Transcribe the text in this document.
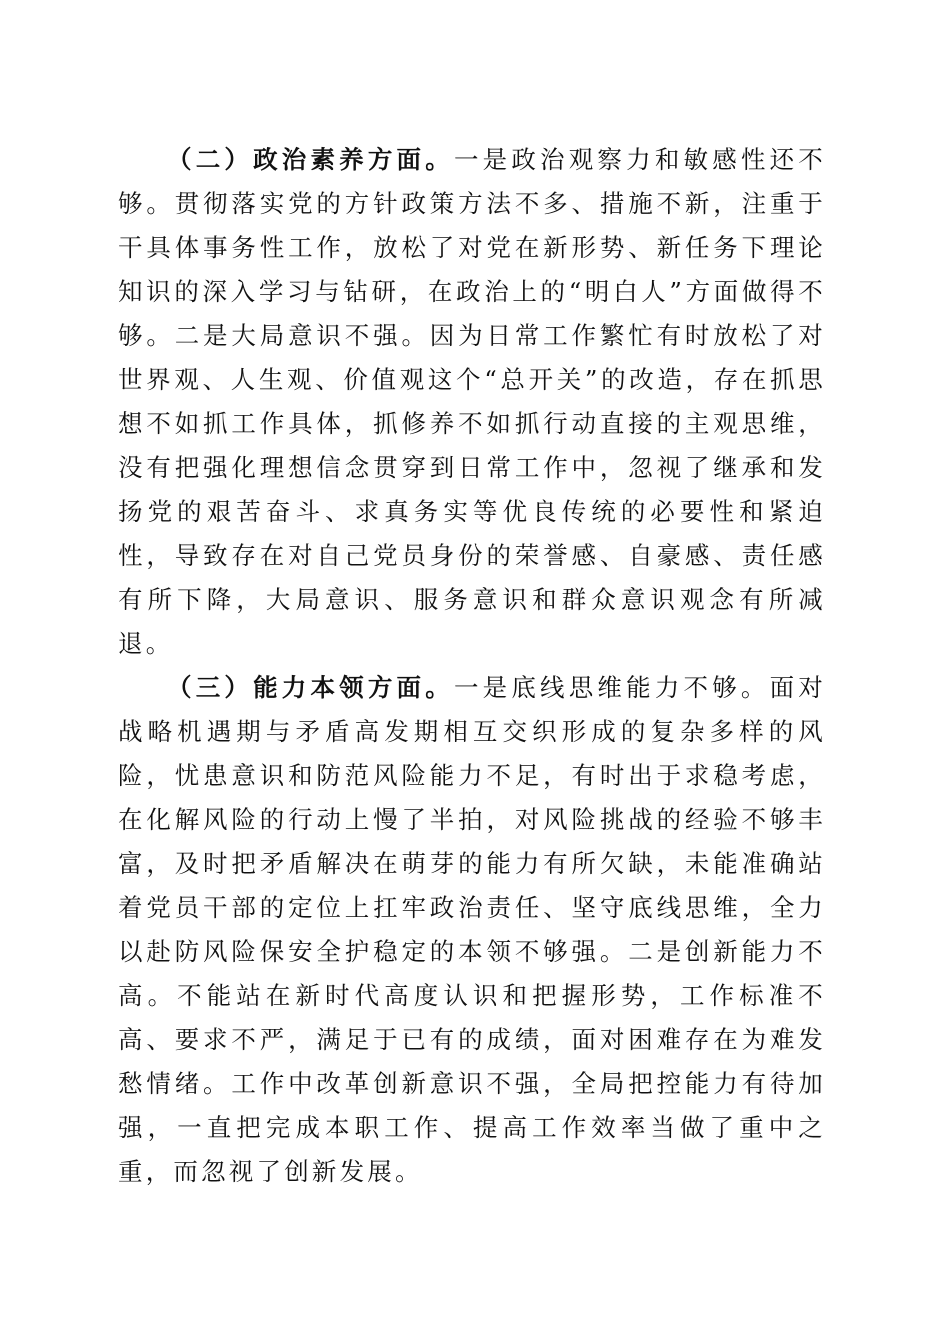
（二）政治素养方面。一是政治观察力和敏感性还不够。贯彻落实党的方针政策方法不多、措施不新，注重于干具体事务性工作，放松了对党在新形势、新任务下理论知识的深入学习与钻研，在政治上的“明白人”方面做得不够。二是大局意识不强。因为日常工作繁忙有时放松了对世界观、人生观、价值观这个“总开关”的改造，存在抓思想不如抓工作具体，抓修养不如抓行动直接的主观思维，没有把强化理想信念贯穿到日常工作中，忽视了继承和发扬党的艰苦奋斗、求真务实等优良传统的必要性和紧迫性，导致存在对自己党员身份的荣誉感、自豪感、责任感有所下降，大局意识、服务意识和群众意识观念有所减退。

（三）能力本领方面。一是底线思维能力不够。面对战略机遇期与矛盾高发期相互交织形成的复杂多样的风险，忧患意识和防范风险能力不足，有时出于求稳考虑，在化解风险的行动上慢了半拍，对风险挑战的经验不够丰富，及时把矛盾解决在萌芽的能力有所欠缺，未能准确站着党员干部的定位上扛牢政治责任、坚守底线思维，全力以赴防风险保安全护稳定的本领不够强。二是创新能力不高。不能站在新时代高度认识和把握形势，工作标准不高、要求不严，满足于已有的成绩，面对困难存在为难发愁情绪。工作中改革创新意识不强，全局把控能力有待加强，一直把完成本职工作、提高工作效率当做了重中之重，而忽视了创新发展。
